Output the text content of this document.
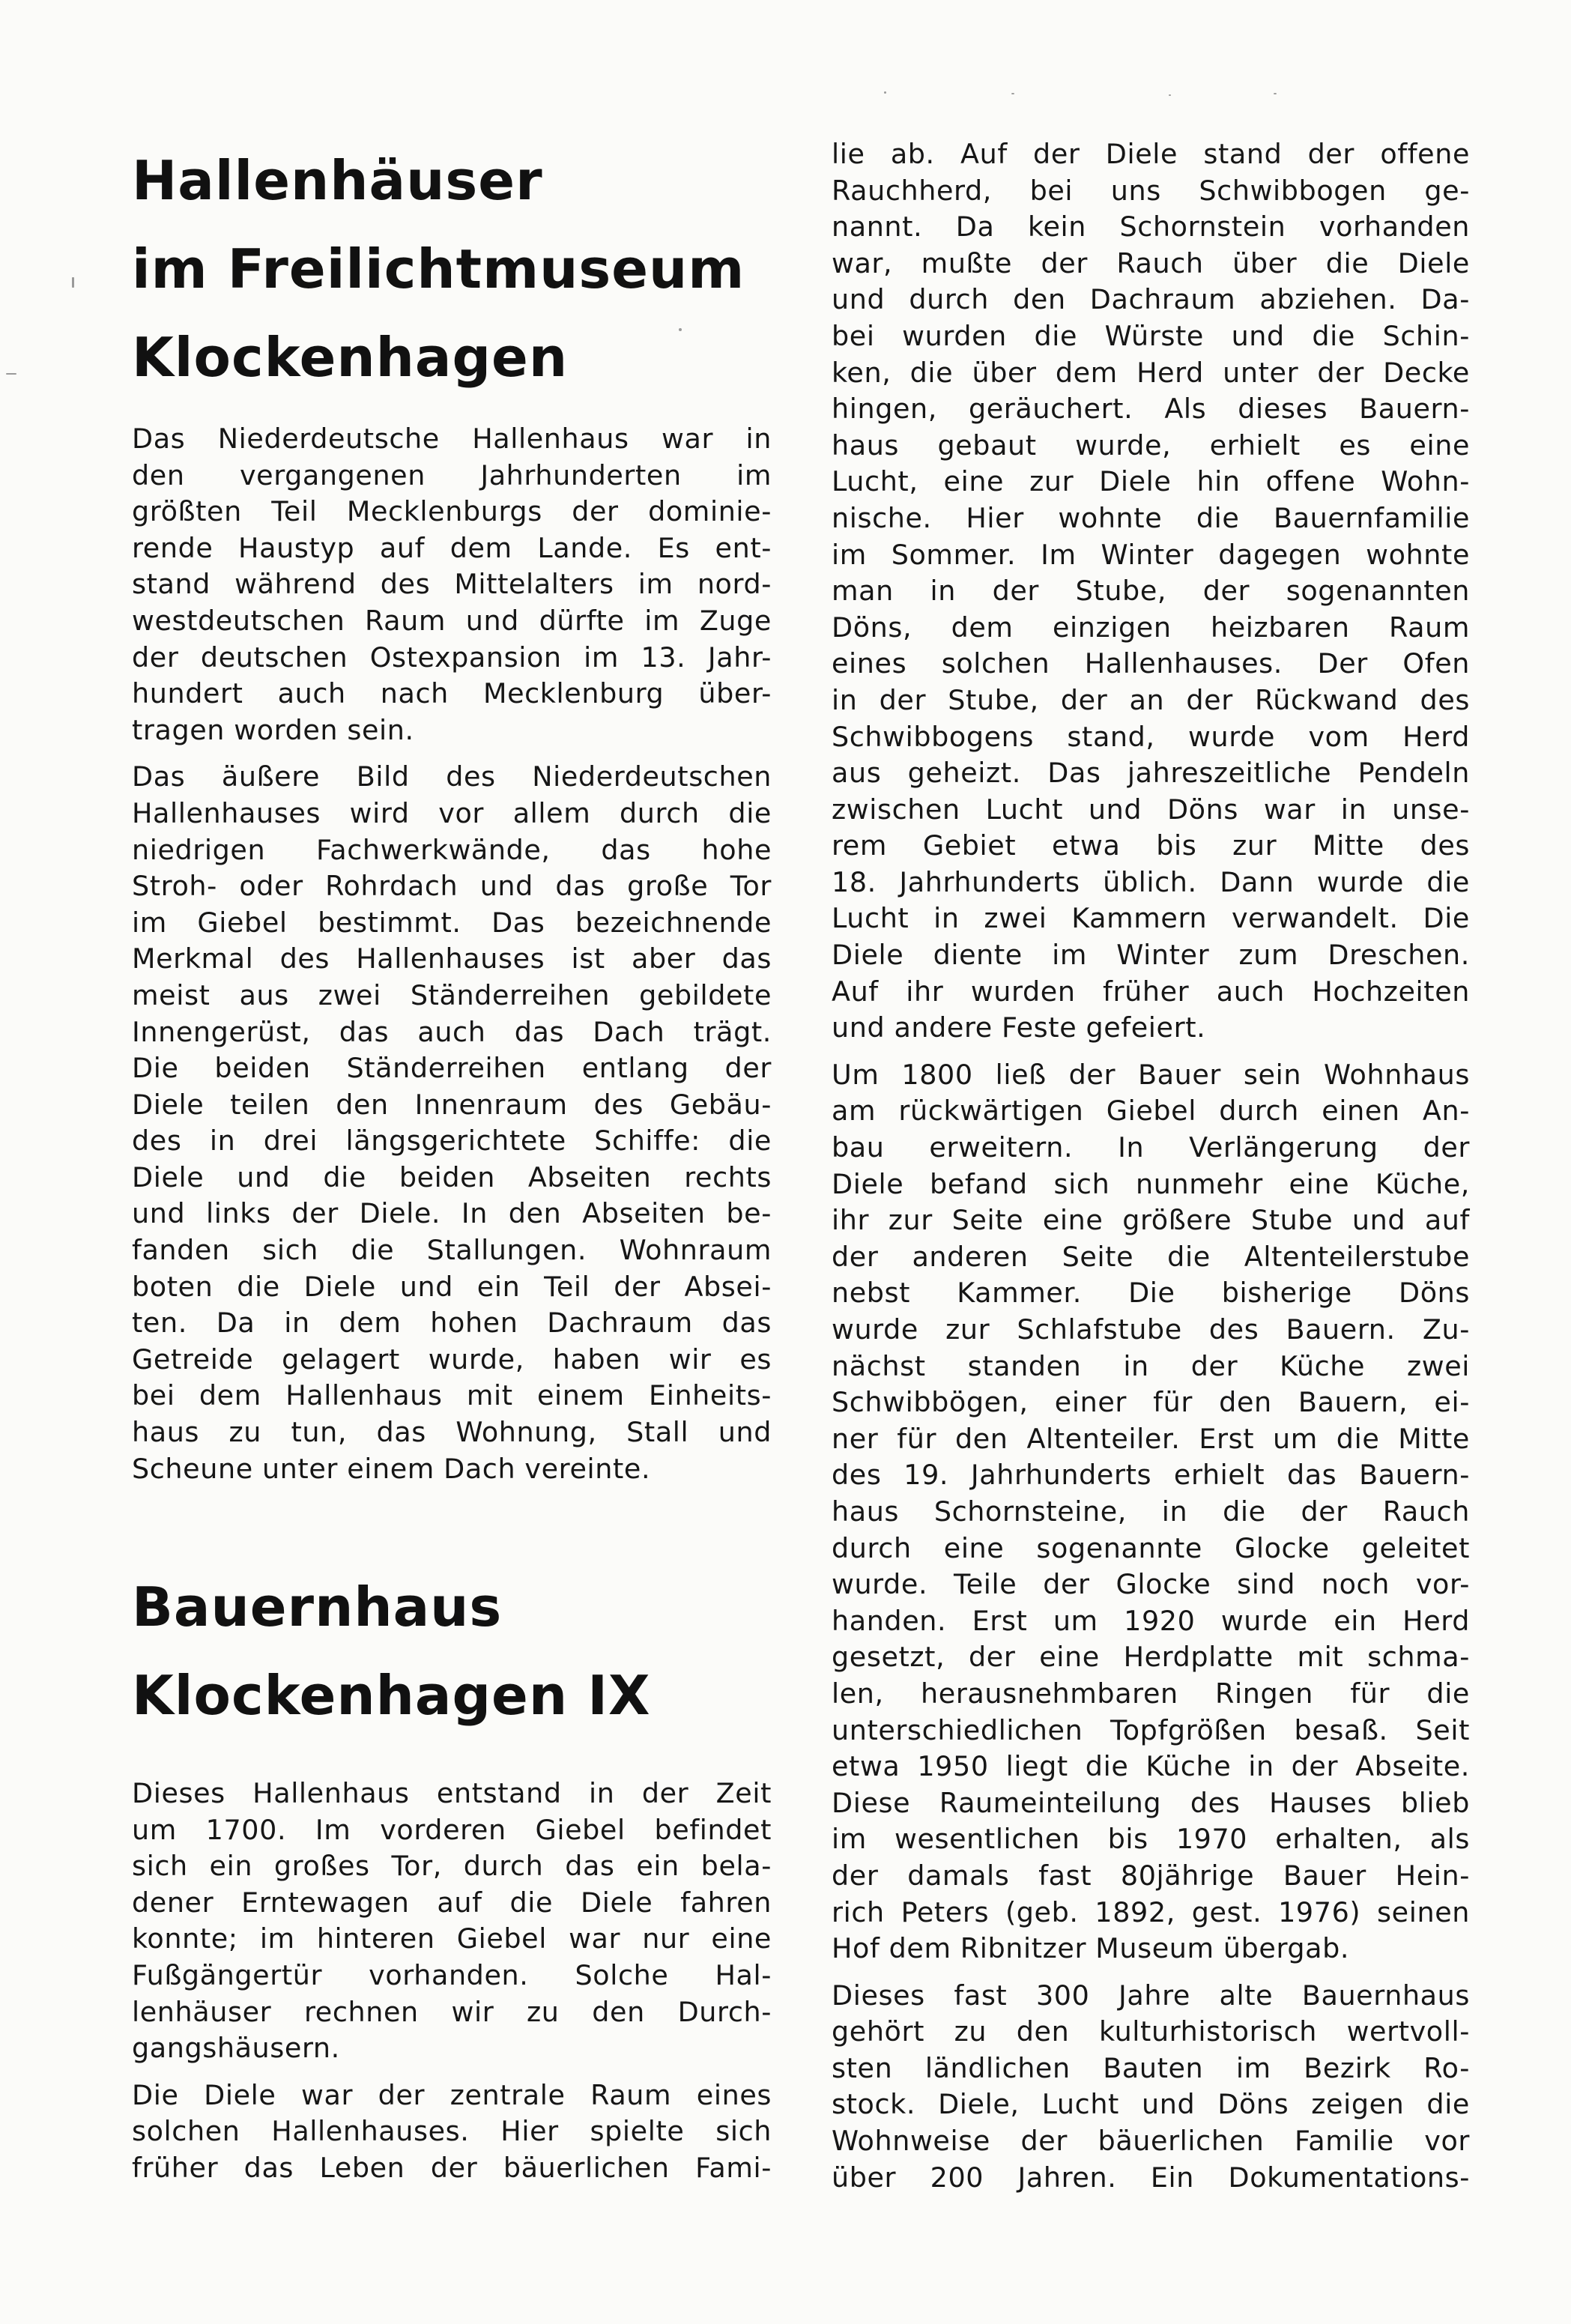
Hallenhäuser
im Freilichtmuseum
Klockenhagen

Das Niederdeutsche Hallenhaus war in
den vergangenen Jahrhunderten im
größten Teil Mecklenburgs der dominie-
rende Haustyp auf dem Lande. Es ent-
stand während des Mittelalters im nord-
westdeutschen Raum und dürfte im Zuge
der deutschen Ostexpansion im 13. Jahr-
hundert auch nach Mecklenburg über-
tragen worden sein.

Das äußere Bild des Niederdeutschen
Hallenhauses wird vor allem durch die
niedrigen Fachwerkwände, das hohe
Stroh- oder Rohrdach und das große Tor
im Giebel bestimmt. Das bezeichnende
Merkmal des Hallenhauses ist aber das
meist aus zwei Ständerreihen gebildete
Innengerüst, das auch das Dach trägt.
Die beiden Ständerreihen entlang der
Diele teilen den Innenraum des Gebäu-
des in drei längsgerichtete Schiffe: die
Diele und die beiden Abseiten rechts
und links der Diele. In den Abseiten be-
fanden sich die Stallungen. Wohnraum
boten die Diele und ein Teil der Absei-
ten. Da in dem hohen Dachraum das
Getreide gelagert wurde, haben wir es
bei dem Hallenhaus mit einem Einheits-
haus zu tun, das Wohnung, Stall und
Scheune unter einem Dach vereinte.

Bauernhaus
Klockenhagen IX

Dieses Hallenhaus entstand in der Zeit
um 1700. Im vorderen Giebel befindet
sich ein großes Tor, durch das ein bela-
dener Erntewagen auf die Diele fahren
konnte; im hinteren Giebel war nur eine
Fußgängertür vorhanden. Solche Hal-
lenhäuser rechnen wir zu den Durch-
gangshäusern.

Die Diele war der zentrale Raum eines
solchen Hallenhauses. Hier spielte sich
früher das Leben der bäuerlichen Fami-

lie ab. Auf der Diele stand der offene
Rauchherd, bei uns Schwibbogen ge-
nannt. Da kein Schornstein vorhanden
war, mußte der Rauch über die Diele
und durch den Dachraum abziehen. Da-
bei wurden die Würste und die Schin-
ken, die über dem Herd unter der Decke
hingen, geräuchert. Als dieses Bauern-
haus gebaut wurde, erhielt es eine
Lucht, eine zur Diele hin offene Wohn-
nische. Hier wohnte die Bauernfamilie
im Sommer. Im Winter dagegen wohnte
man in der Stube, der sogenannten
Döns, dem einzigen heizbaren Raum
eines solchen Hallenhauses. Der Ofen
in der Stube, der an der Rückwand des
Schwibbogens stand, wurde vom Herd
aus geheizt. Das jahreszeitliche Pendeln
zwischen Lucht und Döns war in unse-
rem Gebiet etwa bis zur Mitte des
18. Jahrhunderts üblich. Dann wurde die
Lucht in zwei Kammern verwandelt. Die
Diele diente im Winter zum Dreschen.
Auf ihr wurden früher auch Hochzeiten
und andere Feste gefeiert.

Um 1800 ließ der Bauer sein Wohnhaus
am rückwärtigen Giebel durch einen An-
bau erweitern. In Verlängerung der
Diele befand sich nunmehr eine Küche,
ihr zur Seite eine größere Stube und auf
der anderen Seite die Altenteilerstube
nebst Kammer. Die bisherige Döns
wurde zur Schlafstube des Bauern. Zu-
nächst standen in der Küche zwei
Schwibbögen, einer für den Bauern, ei-
ner für den Altenteiler. Erst um die Mitte
des 19. Jahrhunderts erhielt das Bauern-
haus Schornsteine, in die der Rauch
durch eine sogenannte Glocke geleitet
wurde. Teile der Glocke sind noch vor-
handen. Erst um 1920 wurde ein Herd
gesetzt, der eine Herdplatte mit schma-
len, herausnehmbaren Ringen für die
unterschiedlichen Topfgrößen besaß. Seit
etwa 1950 liegt die Küche in der Abseite.
Diese Raumeinteilung des Hauses blieb
im wesentlichen bis 1970 erhalten, als
der damals fast 80jährige Bauer Hein-
rich Peters (geb. 1892, gest. 1976) seinen
Hof dem Ribnitzer Museum übergab.

Dieses fast 300 Jahre alte Bauernhaus
gehört zu den kulturhistorisch wertvoll-
sten ländlichen Bauten im Bezirk Ro-
stock. Diele, Lucht und Döns zeigen die
Wohnweise der bäuerlichen Familie vor
über 200 Jahren. Ein Dokumentations-
